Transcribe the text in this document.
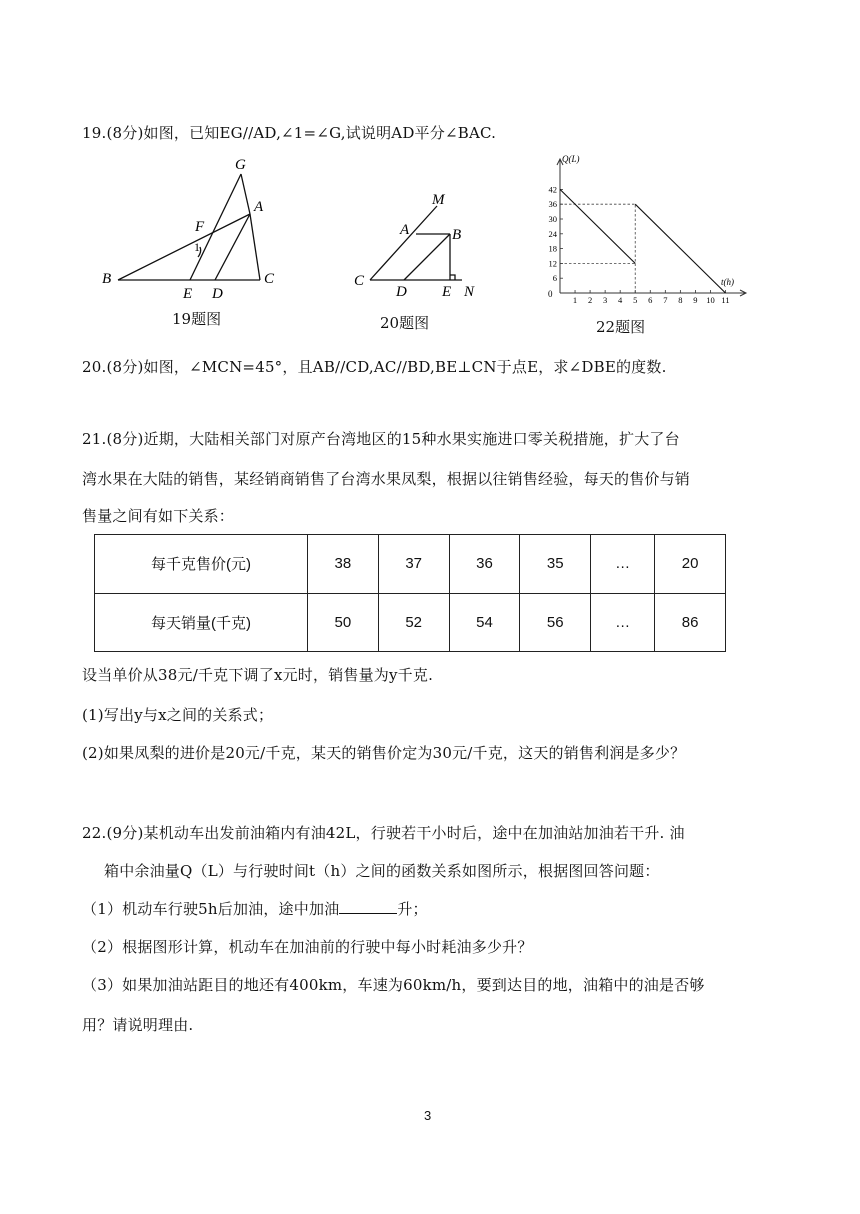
19.(8分)如图，已知EG//AD,∠1=∠G,试说明AD平分∠BAC.
G
A
F
1
B
E D
C
19题图
M
A	B
C
D E N
20题图
6
12
18
24
30
36
42
1 2 3 4 5 6 7 8 9 10 11
Q(L)
t(h)
0
22题图
20.(8分)如图，∠MCN=45°，且AB//CD,AC//BD,BE⊥CN于点E，求∠DBE的度数.
21.(8分)近期，大陆相关部门对原产台湾地区的15种水果实施进口零关税措施，扩大了台
湾水果在大陆的销售，某经销商销售了台湾水果凤梨，根据以往销售经验，每天的售价与销
售量之间有如下关系：
每千克售价(元)	38	37	36	35	…	20
每天销量(千克)	50	52	54	56	…	86
设当单价从38元/千克下调了x元时，销售量为y千克.
(1)写出y与x之间的关系式；
(2)如果凤梨的进价是20元/千克，某天的销售价定为30元/千克，这天的销售利润是多少？
22.(9分)某机动车出发前油箱内有油42L，行驶若干小时后，途中在加油站加油若干升. 油
箱中余油量Q（L）与行驶时间t（h）之间的函数关系如图所示，根据图回答问题：
（1）机动车行驶5h后加油，途中加油	升；
（2）根据图形计算，机动车在加油前的行驶中每小时耗油多少升？
（3）如果加油站距目的地还有400km，车速为60km/h，要到达目的地，油箱中的油是否够
用？请说明理由.
3
